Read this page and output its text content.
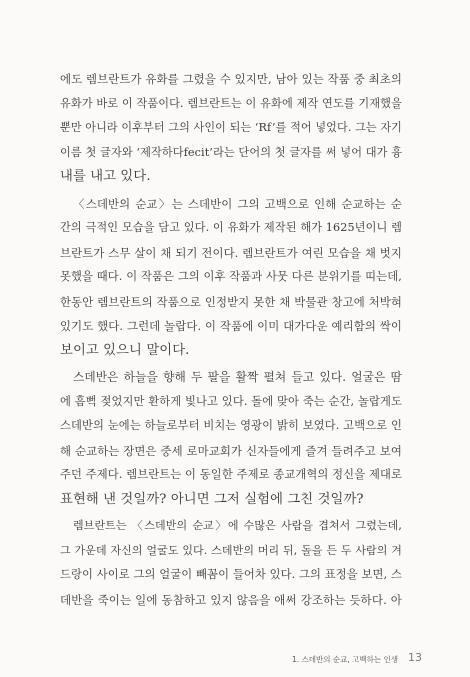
에도 렘브란트가 유화를 그렸을 수 있지만, 남아 있는 작품 중 최초의
유화가 바로 이 작품이다. 렘브란트는 이 유화에 제작 연도를 기재했을
뿐만 아니라 이후부터 그의 사인이 되는 ‘Rf’를 적어 넣었다. 그는 자기
이름 첫 글자와 ‘제작하다fecit’라는 단어의 첫 글자를 써 넣어 대가 흉
내를 내고 있다.

〈스데반의 순교〉는 스데반이 그의 고백으로 인해 순교하는 순
간의 극적인 모습을 담고 있다. 이 유화가 제작된 해가 1625년이니 렘
브란트가 스무 살이 채 되기 전이다. 렘브란트가 여린 모습을 채 벗지
못했을 때다. 이 작품은 그의 이후 작품과 사뭇 다른 분위기를 띠는데,
한동안 렘브란트의 작품으로 인정받지 못한 채 박물관 창고에 처박혀
있기도 했다. 그런데 놀랍다. 이 작품에 이미 대가다운 예리함의 싹이
보이고 있으니 말이다.

스데반은 하늘을 향해 두 팔을 활짝 펼쳐 들고 있다. 얼굴은 땀
에 흠뻑 젖었지만 환하게 빛나고 있다. 돌에 맞아 죽는 순간, 놀랍게도
스데반의 눈에는 하늘로부터 비치는 영광이 밝히 보였다. 고백으로 인
해 순교하는 장면은 중세 로마교회가 신자들에게 즐겨 들려주고 보여
주던 주제다. 렘브란트는 이 동일한 주제로 종교개혁의 정신을 제대로
표현해 낸 것일까? 아니면 그저 실험에 그친 것일까?

렘브란트는 〈스데반의 순교〉에 수많은 사람을 겹쳐서 그렸는데,
그 가운데 자신의 얼굴도 있다. 스데반의 머리 뒤, 돌을 든 두 사람의 겨
드랑이 사이로 그의 얼굴이 빼꼼이 들어차 있다. 그의 표정을 보면, 스
데반을 죽이는 일에 동참하고 있지 않음을 애써 강조하는 듯하다. 아

1. 스데반의 순교, 고백하는 인생 13
